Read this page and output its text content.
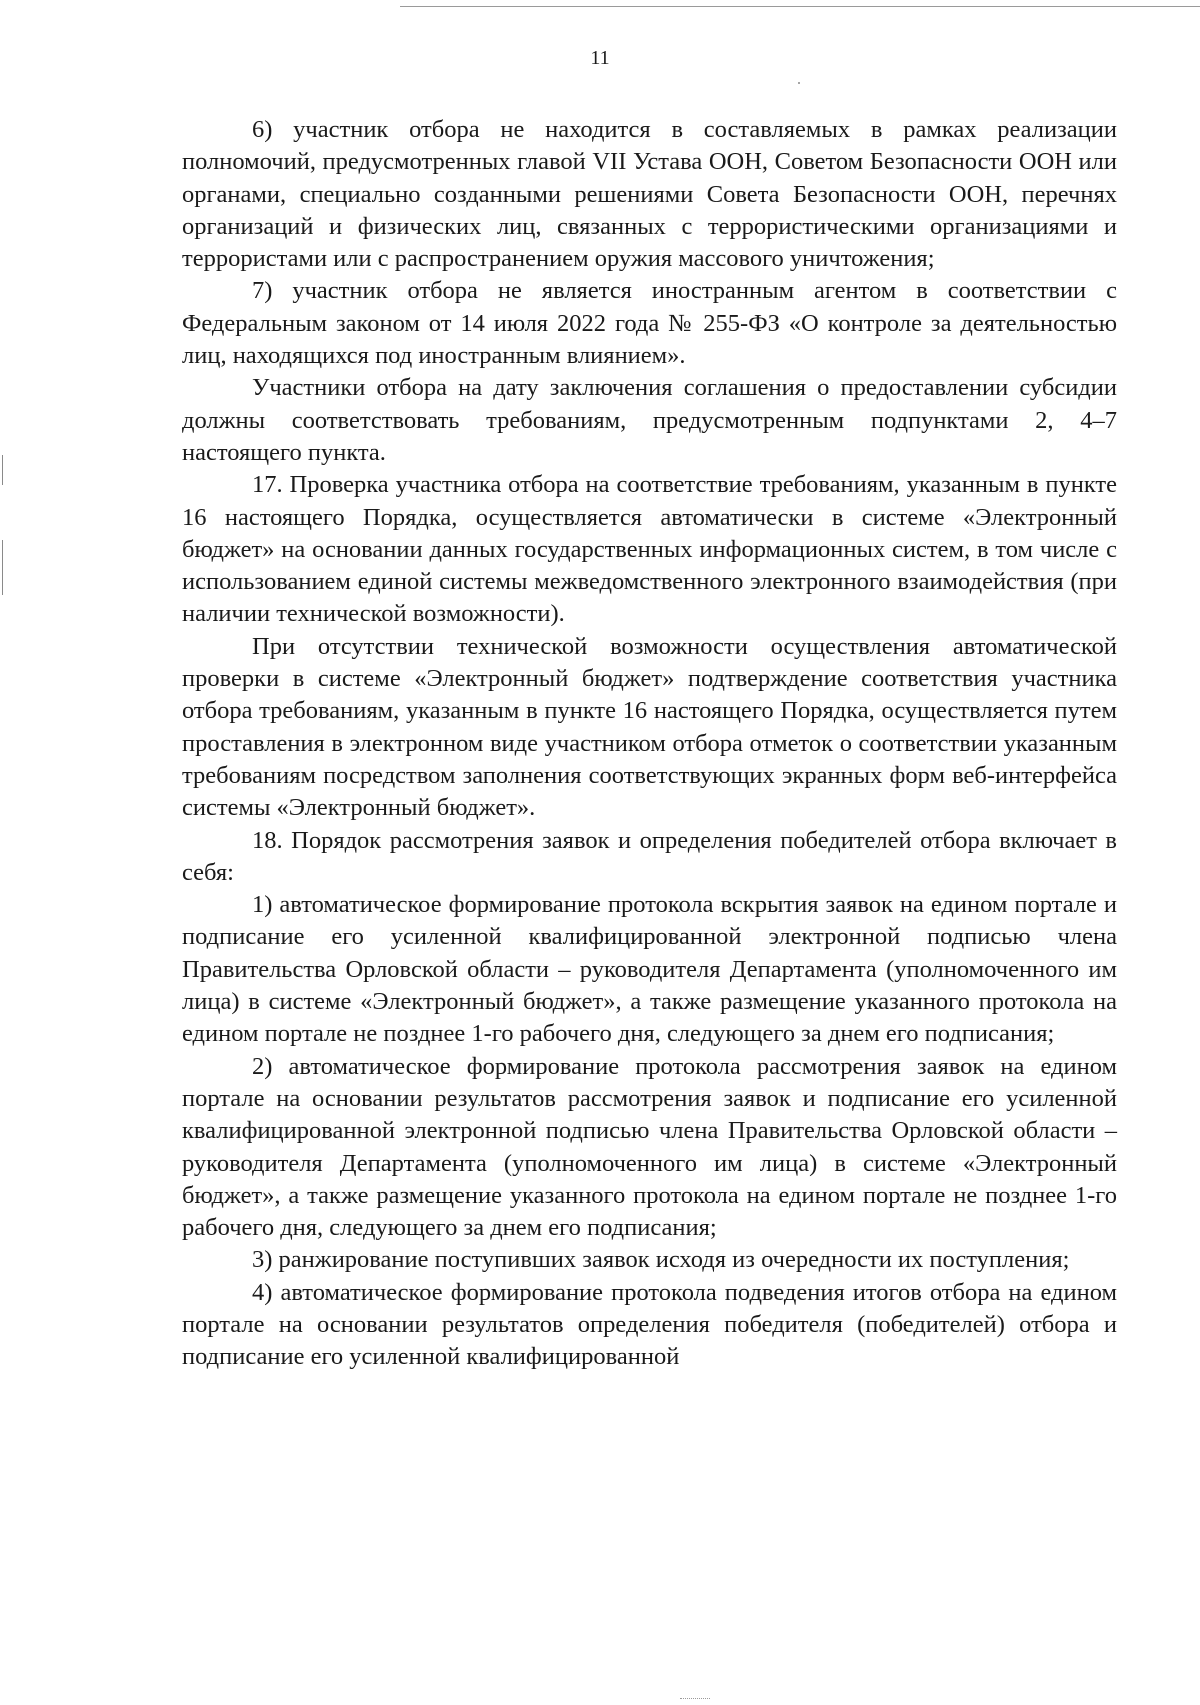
11

6) участник отбора не находится в составляемых в рамках реализации полномочий, предусмотренных главой VII Устава ООН, Советом Безопасности ООН или органами, специально созданными решениями Совета Безопасности ООН, перечнях организаций и физических лиц, связанных с террористическими организациями и террористами или с распространением оружия массового уничтожения;

7) участник отбора не является иностранным агентом в соответствии с Федеральным законом от 14 июля 2022 года № 255-ФЗ «О контроле за деятельностью лиц, находящихся под иностранным влиянием».

Участники отбора на дату заключения соглашения о предоставлении субсидии должны соответствовать требованиям, предусмотренным подпунктами 2, 4–7 настоящего пункта.

17. Проверка участника отбора на соответствие требованиям, указанным в пункте 16 настоящего Порядка, осуществляется автоматически в системе «Электронный бюджет» на основании данных государственных информационных систем, в том числе с использованием единой системы межведомственного электронного взаимодействия (при наличии технической возможности).

При отсутствии технической возможности осуществления автоматической проверки в системе «Электронный бюджет» подтверждение соответствия участника отбора требованиям, указанным в пункте 16 настоящего Порядка, осуществляется путем проставления в электронном виде участником отбора отметок о соответствии указанным требованиям посредством заполнения соответствующих экранных форм веб-интерфейса системы «Электронный бюджет».

18. Порядок рассмотрения заявок и определения победителей отбора включает в себя:

1) автоматическое формирование протокола вскрытия заявок на едином портале и подписание его усиленной квалифицированной электронной подписью члена Правительства Орловской области – руководителя Департамента (уполномоченного им лица) в системе «Электронный бюджет», а также размещение указанного протокола на едином портале не позднее 1-го рабочего дня, следующего за днем его подписания;

2) автоматическое формирование протокола рассмотрения заявок на едином портале на основании результатов рассмотрения заявок и подписание его усиленной квалифицированной электронной подписью члена Правительства Орловской области – руководителя Департамента (уполномоченного им лица) в системе «Электронный бюджет», а также размещение указанного протокола на едином портале не позднее 1-го рабочего дня, следующего за днем его подписания;

3) ранжирование поступивших заявок исходя из очередности их поступления;

4) автоматическое формирование протокола подведения итогов отбора на едином портале на основании результатов определения победителя (победителей) отбора и подписание его усиленной квалифицированной
